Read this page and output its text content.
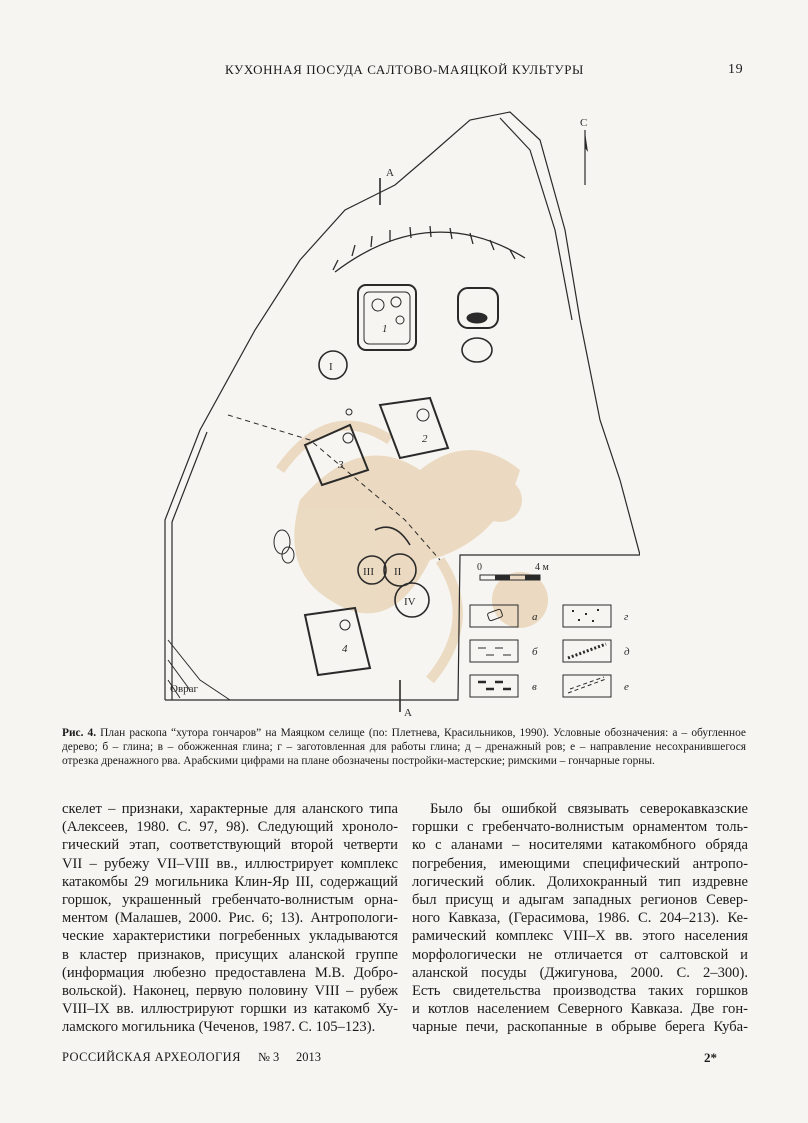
КУХОННАЯ ПОСУДА САЛТОВО-МАЯЦКОЙ КУЛЬТУРЫ	19
А
А
С
1
I
2
3
II
III
IV
4
Овраг
0	4 м
а
б
в
г
д
е

Рис. 4. План раскопа “хутора гончаров” на Маяцком селище (по: Плетнева, Красильников, 1990). Условные обозначения: а – обугленное дерево; б – глина; в – обожженная глина; г – заготовленная для работы глина; д – дренажный ров; е – направление несохранившегося отрезка дренажного рва. Арабскими цифрами на плане обозначены постройки-мастерские; римскими – гончарные горны.

скелет – признаки, характерные для аланского типа
(Алексеев, 1980. С. 97, 98). Следующий хроноло-
гический этап, соответствующий второй четверти
VII – рубежу VII–VIII вв., иллюстрирует комплекс
катакомбы 29 могильника Клин-Яр III, содержащий
горшок, украшенный гребенчато-волнистым орна-
ментом (Малашев, 2000. Рис. 6; 13). Антропологи-
ческие характеристики погребенных укладываются
в кластер признаков, присущих аланской группе
(информация любезно предоставлена М.В. Добро-
вольской). Наконец, первую половину VIII – рубеж
VIII–IX вв. иллюстрируют горшки из катакомб Ху-
ламского могильника (Чеченов, 1987. С. 105–123).
Было бы ошибкой связывать северокавказские
горшки с гребенчато-волнистым орнаментом толь-
ко с аланами – носителями катакомбного обряда
погребения, имеющими специфический антропо-
логический облик. Долихокранный тип издревне
был присущ и адыгам западных регионов Север-
ного Кавказа, (Герасимова, 1986. С. 204–213). Ке-
рамический комплекс VIII–X вв. этого населения
морфологически не отличается от салтовской и
аланской посуды (Джигунова, 2000. С. 2–300).
Есть свидетельства производства таких горшков
и котлов населением Северного Кавказа. Две гон-
чарные печи, раскопанные в обрыве берега Куба-
РОССИЙСКАЯ АРХЕОЛОГИЯ № 3 2013	2*
